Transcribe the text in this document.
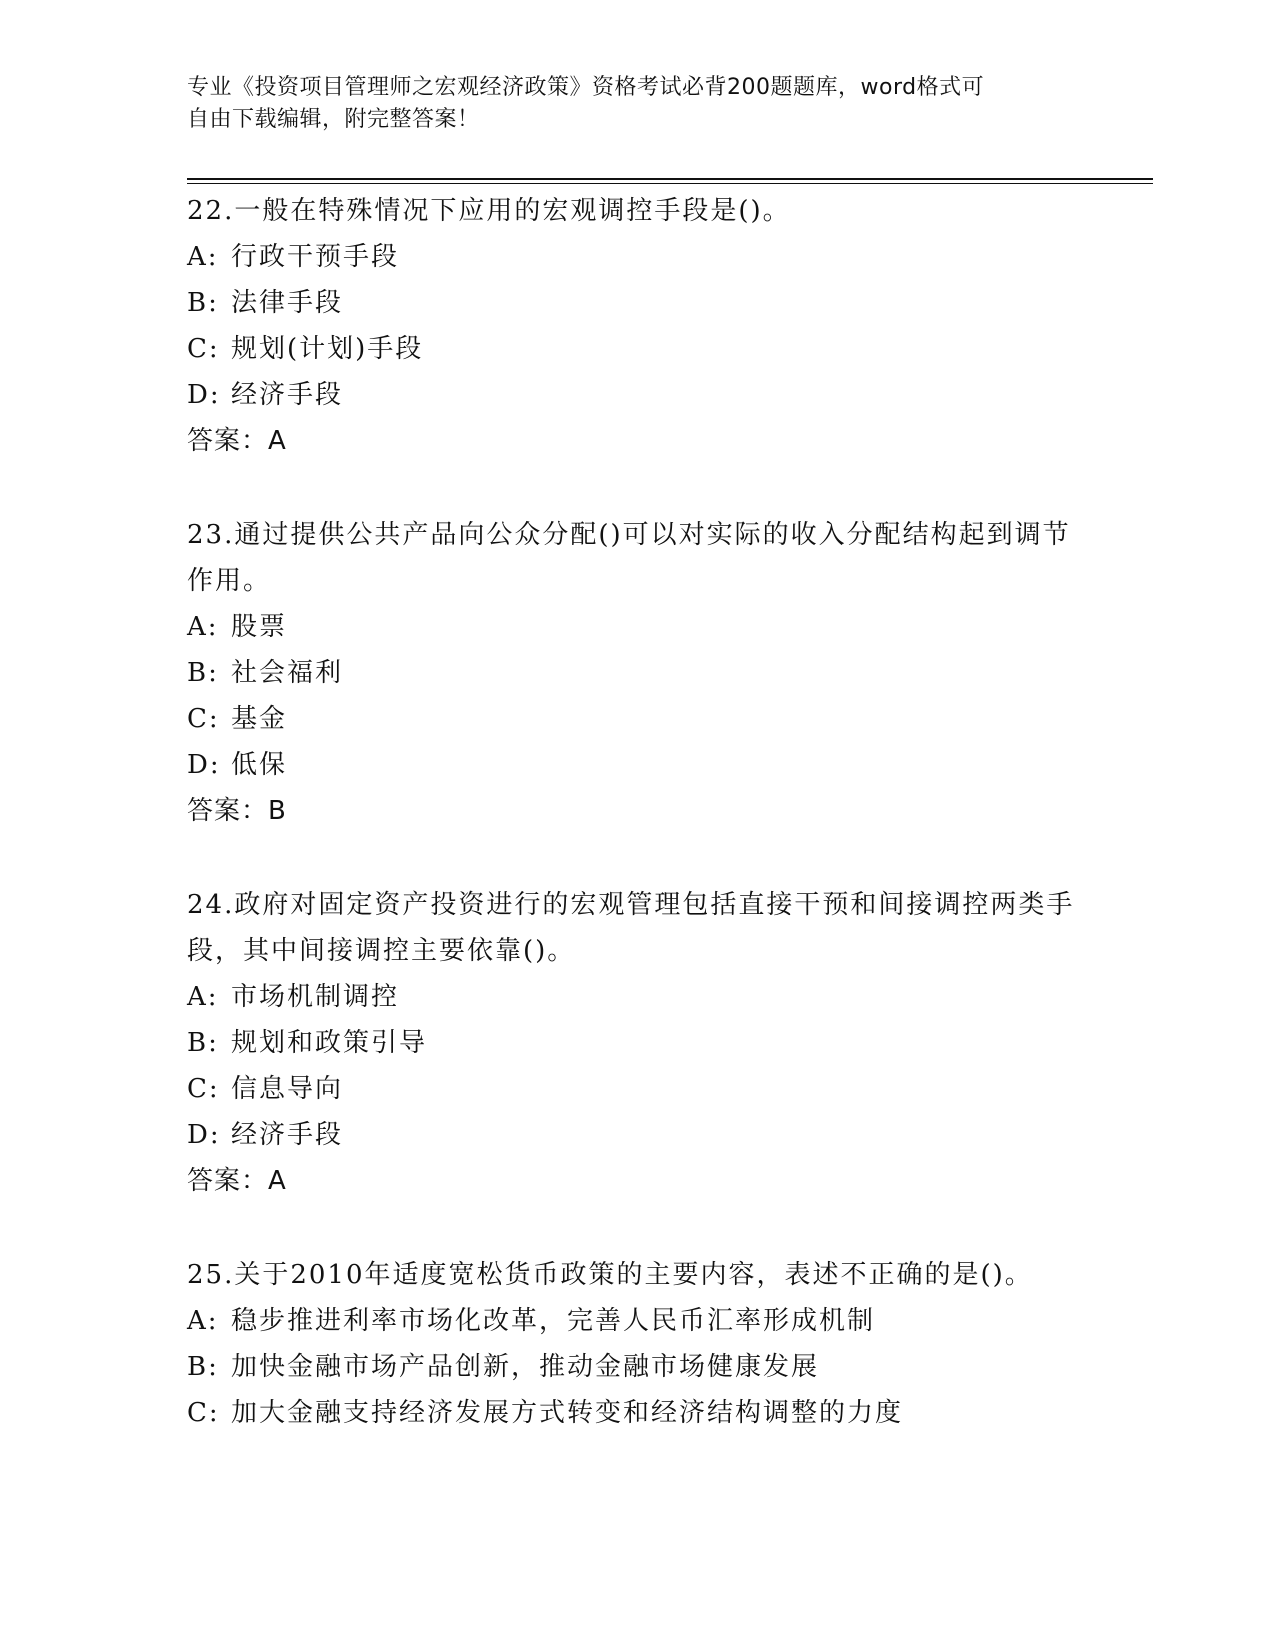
专业《投资项目管理师之宏观经济政策》资格考试必背200题题库，word格式可
自由下载编辑，附完整答案！

22.一般在特殊情况下应用的宏观调控手段是()。

A: 行政干预手段
B: 法律手段
C: 规划(计划)手段
D: 经济手段

答案：A

23.通过提供公共产品向公众分配()可以对实际的收入分配结构起到调节作用。

A: 股票
B: 社会福利
C: 基金
D: 低保

答案：B

24.政府对固定资产投资进行的宏观管理包括直接干预和间接调控两类手段，其中间接调控主要依靠()。

A: 市场机制调控
B: 规划和政策引导
C: 信息导向
D: 经济手段

答案：A

25.关于2010年适度宽松货币政策的主要内容，表述不正确的是()。

A: 稳步推进利率市场化改革，完善人民币汇率形成机制
B: 加快金融市场产品创新，推动金融市场健康发展
C: 加大金融支持经济发展方式转变和经济结构调整的力度
